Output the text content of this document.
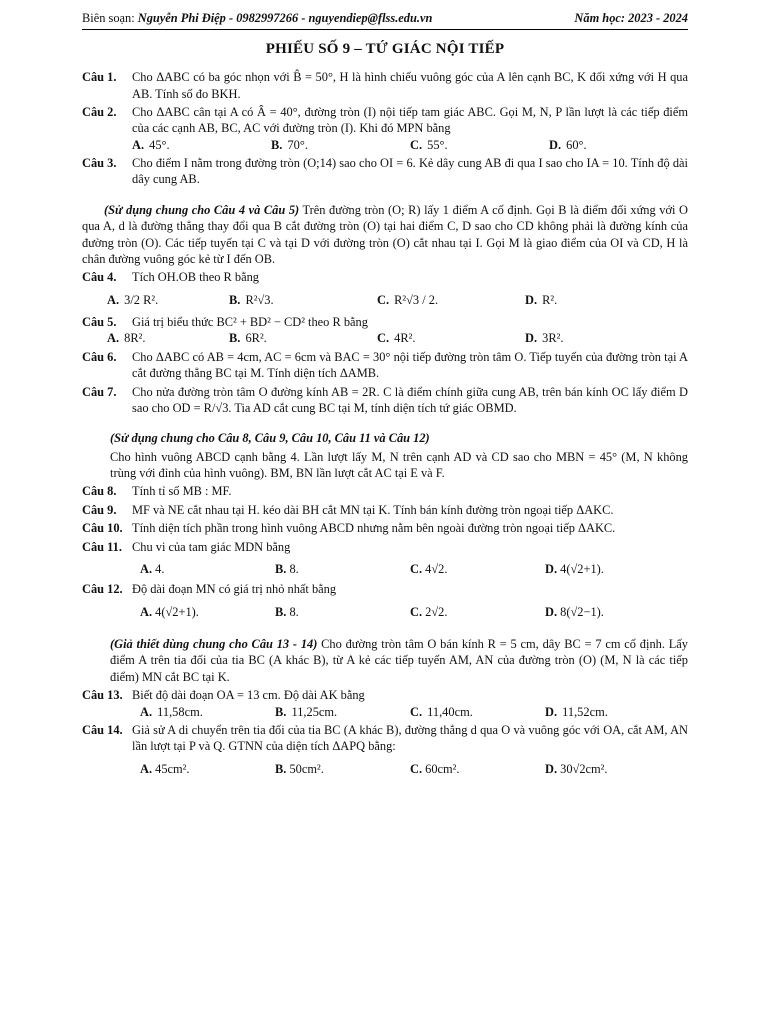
Biên soạn: Nguyễn Phi Điệp - 0982997266 - nguyendiep@flss.edu.vn	Năm học: 2023 - 2024
PHIẾU SỐ 9 – TỨ GIÁC NỘI TIẾP
Câu 1.	Cho ΔABC có ba góc nhọn với B̂ = 50°, H là hình chiếu vuông góc của A lên cạnh BC, K đối xứng với H qua AB. Tính số đo BKH.
Câu 2.	Cho ΔABC cân tại A có Â = 40°, đường tròn (I) nội tiếp tam giác ABC. Gọi M, N, P lần lượt là các tiếp điểm của các cạnh AB, BC, AC với đường tròn (I). Khi đó MPN bằng
A. 45°.	B. 70°.	C. 55°.	D. 60°.
Câu 3.	Cho điểm I nằm trong đường tròn (O;14) sao cho OI = 6. Kẻ dây cung AB đi qua I sao cho IA = 10. Tính độ dài dây cung AB.
(Sử dụng chung cho Câu 4 và Câu 5) Trên đường tròn (O; R) lấy 1 điểm A cố định. Gọi B là điểm đối xứng với O qua A, d là đường thẳng thay đổi qua B cắt đường tròn (O) tại hai điểm C, D sao cho CD không phải là đường kính của đường tròn (O). Các tiếp tuyến tại C và tại D với đường tròn (O) cắt nhau tại I. Gọi M là giao điểm của OI và CD, H là chân đường vuông góc kẻ từ I đến OB.
Câu 4.	Tích OH.OB theo R bằng
A. 3/2 R².	B. R²√3.	C. R²√3 / 2.	D. R².
Câu 5.	Giá trị biểu thức BC² + BD² − CD² theo R bằng
A. 8R².	B. 6R².	C. 4R².	D. 3R².
Câu 6.	Cho ΔABC có AB = 4cm, AC = 6cm và BAC = 30° nội tiếp đường tròn tâm O. Tiếp tuyến của đường tròn tại A cắt đường thẳng BC tại M. Tính diện tích ΔAMB.
Câu 7.	Cho nửa đường tròn tâm O đường kính AB = 2R. C là điểm chính giữa cung AB, trên bán kính OC lấy điểm D sao cho OD = R/√3. Tia AD cắt cung BC tại M, tính diện tích tứ giác OBMD.
(Sử dụng chung cho Câu 8, Câu 9, Câu 10, Câu 11 và Câu 12)
Cho hình vuông ABCD cạnh bằng 4. Lần lượt lấy M, N trên cạnh AD và CD sao cho MBN = 45° (M, N không trùng với đỉnh của hình vuông). BM, BN lần lượt cắt AC tại E và F.
Câu 8.	Tính tỉ số MB : MF.
Câu 9.	MF và NE cắt nhau tại H. kéo dài BH cắt MN tại K. Tính bán kính đường tròn ngoại tiếp ΔAKC.
Câu 10. Tính diện tích phần trong hình vuông ABCD nhưng nằm bên ngoài đường tròn ngoại tiếp ΔAKC.
Câu 11. Chu vi của tam giác MDN bằng
A. 4.	B. 8.	C. 4√2.	D. 4(√2+1).
Câu 12. Độ dài đoạn MN có giá trị nhỏ nhất bằng
A. 4(√2+1).	B. 8.	C. 2√2.	D. 8(√2−1).
(Giả thiết dùng chung cho Câu 13 - 14) Cho đường tròn tâm O bán kính R = 5 cm, dây BC = 7 cm cố định. Lấy điểm A trên tia đối của tia BC (A khác B), từ A kẻ các tiếp tuyến AM, AN của đường tròn (O) (M, N là các tiếp điểm) MN cắt BC tại K.
Câu 13. Biết độ dài đoạn OA = 13 cm. Độ dài AK bằng
A. 11,58cm.	B. 11,25cm.	C. 11,40cm.	D. 11,52cm.
Câu 14. Giả sử A di chuyển trên tia đối của tia BC (A khác B), đường thẳng d qua O và vuông góc với OA, cắt AM, AN lần lượt tại P và Q. GTNN của diện tích ΔAPQ bằng:
A. 45cm².	B. 50cm².	C. 60cm².	D. 30√2cm².
